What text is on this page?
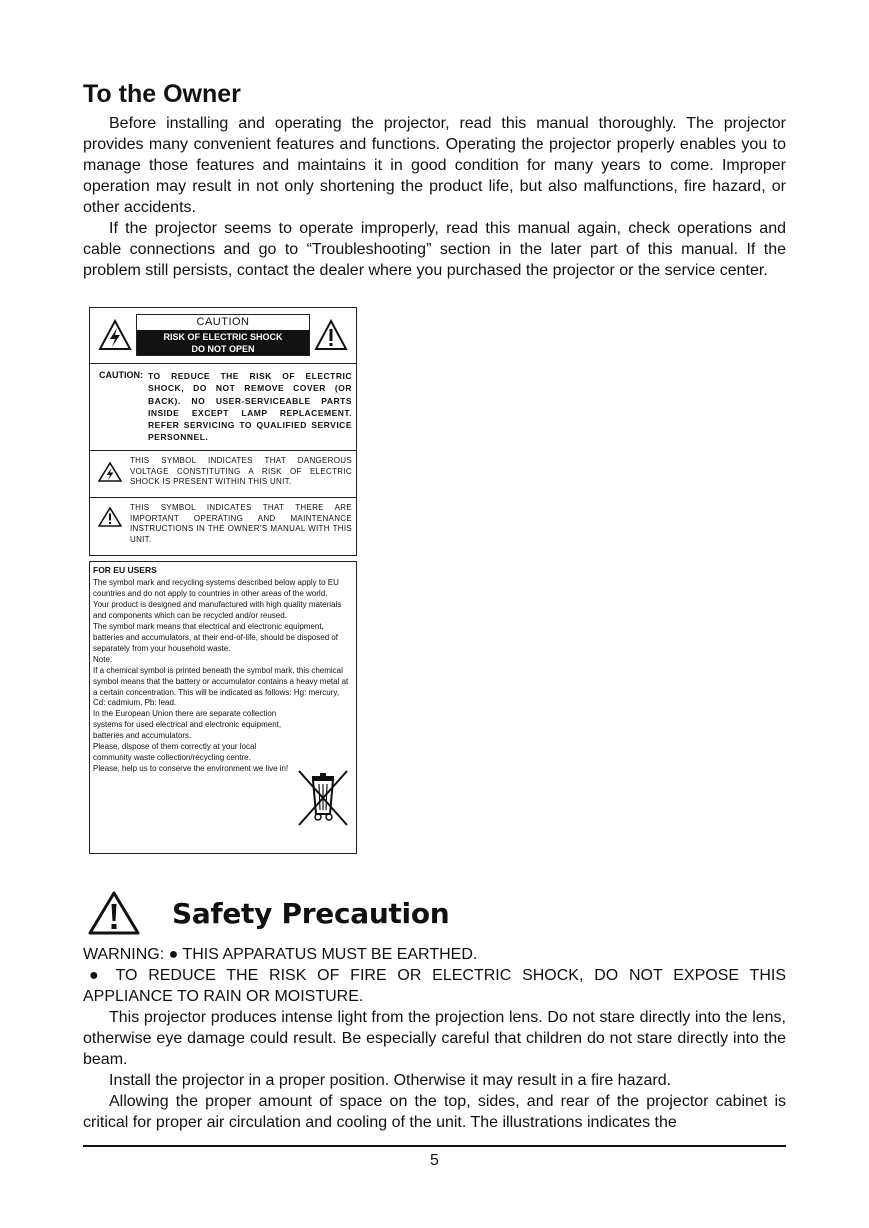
To the Owner

Before installing and operating the projector, read this manual thoroughly. The projector provides many convenient features and functions. Operating the projector properly enables you to manage those features and maintains it in good condition for many years to come. Improper operation may result in not only shortening the product life, but also malfunctions, fire hazard, or other accidents.

If the projector seems to operate improperly, read this manual again, check operations and cable connections and go to “Troubleshooting” section in the later part of this manual. If the problem still persists, contact the dealer where you purchased the projector or the service center.

CAUTION
RISK OF ELECTRIC SHOCK
DO NOT OPEN
CAUTION: TO REDUCE THE RISK OF ELECTRIC SHOCK, DO NOT REMOVE COVER (OR BACK). NO USER-SERVICEABLE PARTS INSIDE EXCEPT LAMP REPLACEMENT. REFER SERVICING TO QUALIFIED SERVICE PERSONNEL.
THIS SYMBOL INDICATES THAT DANGEROUS VOLTAGE CONSTITUTING A RISK OF ELECTRIC SHOCK IS PRESENT WITHIN THIS UNIT.
THIS SYMBOL INDICATES THAT THERE ARE IMPORTANT OPERATING AND MAINTENANCE INSTRUCTIONS IN THE OWNER’S MANUAL WITH THIS UNIT.
FOR EU USERS
The symbol mark and recycling systems described below apply to EU countries and do not apply to countries in other areas of the world.
Your product is designed and manufactured with high quality materials and components which can be recycled and/or reused.
The symbol mark means that electrical and electronic equipment, batteries and accumulators, at their end-of-life, should be disposed of separately from your household waste.
Note:
If a chemical symbol is printed beneath the symbol mark, this chemical symbol means that the battery or accumulator contains a heavy metal at a certain concentration. This will be indicated as follows: Hg: mercury, Cd: cadmium, Pb: lead.
In the European Union there are separate collection systems for used electrical and electronic equipment, batteries and accumulators.
Please, dispose of them correctly at your local community waste collection/recycling centre.
Please, help us to conserve the environment we live in!
Safety Precaution

WARNING: ● THIS APPARATUS MUST BE EARTHED.

● TO REDUCE THE RISK OF FIRE OR ELECTRIC SHOCK, DO NOT EXPOSE THIS APPLIANCE TO RAIN OR MOISTURE.

This projector produces intense light from the projection lens. Do not stare directly into the lens, otherwise eye damage could result. Be especially careful that children do not stare directly into the beam.

Install the projector in a proper position. Otherwise it may result in a fire hazard.

Allowing the proper amount of space on the top, sides, and rear of the projector cabinet is critical for proper air circulation and cooling of the unit. The illustrations indicates the

5
